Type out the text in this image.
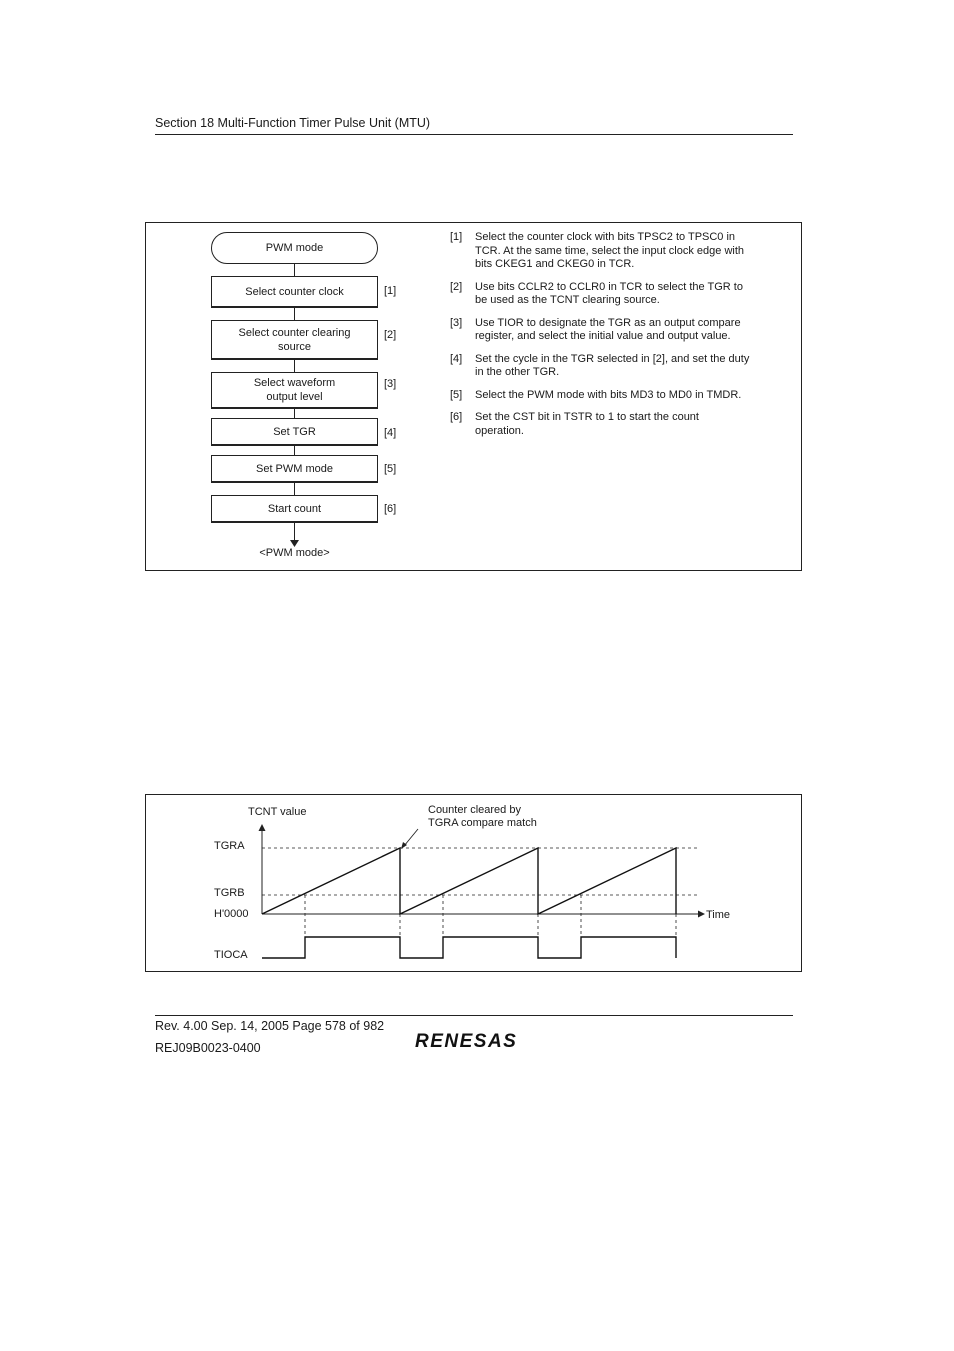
Section 18 Multi-Function Timer Pulse Unit (MTU)
PWM mode
Select counter clock	[1]
Select counter clearing source
[2]
Select waveform output level
[3]
Set TGR	[4]
Set PWM mode	[5]
Start count	[6]
<PWM mode>
[1]	Select the counter clock with bits TPSC2 to TPSC0 in TCR. At the same time, select the input clock edge with bits CKEG1 and CKEG0 in TCR.
[2]	Use bits CCLR2 to CCLR0 in TCR to select the TGR to be used as the TCNT clearing source.
[3]	Use TIOR to designate the TGR as an output compare register, and select the initial value and output value.
[4]	Set the cycle in the TGR selected in [2], and set the duty in the other TGR.
[5]	Select the PWM mode with bits MD3 to MD0 in TMDR.
[6]	Set the CST bit in TSTR to 1 to start the count operation.
TCNT value	Counter cleared by
TGRA compare match
TGRA
TGRB
H'0000
TIOCA
Time
Rev. 4.00 Sep. 14, 2005 Page 578 of 982
REJ09B0023-0400	RENESAS
